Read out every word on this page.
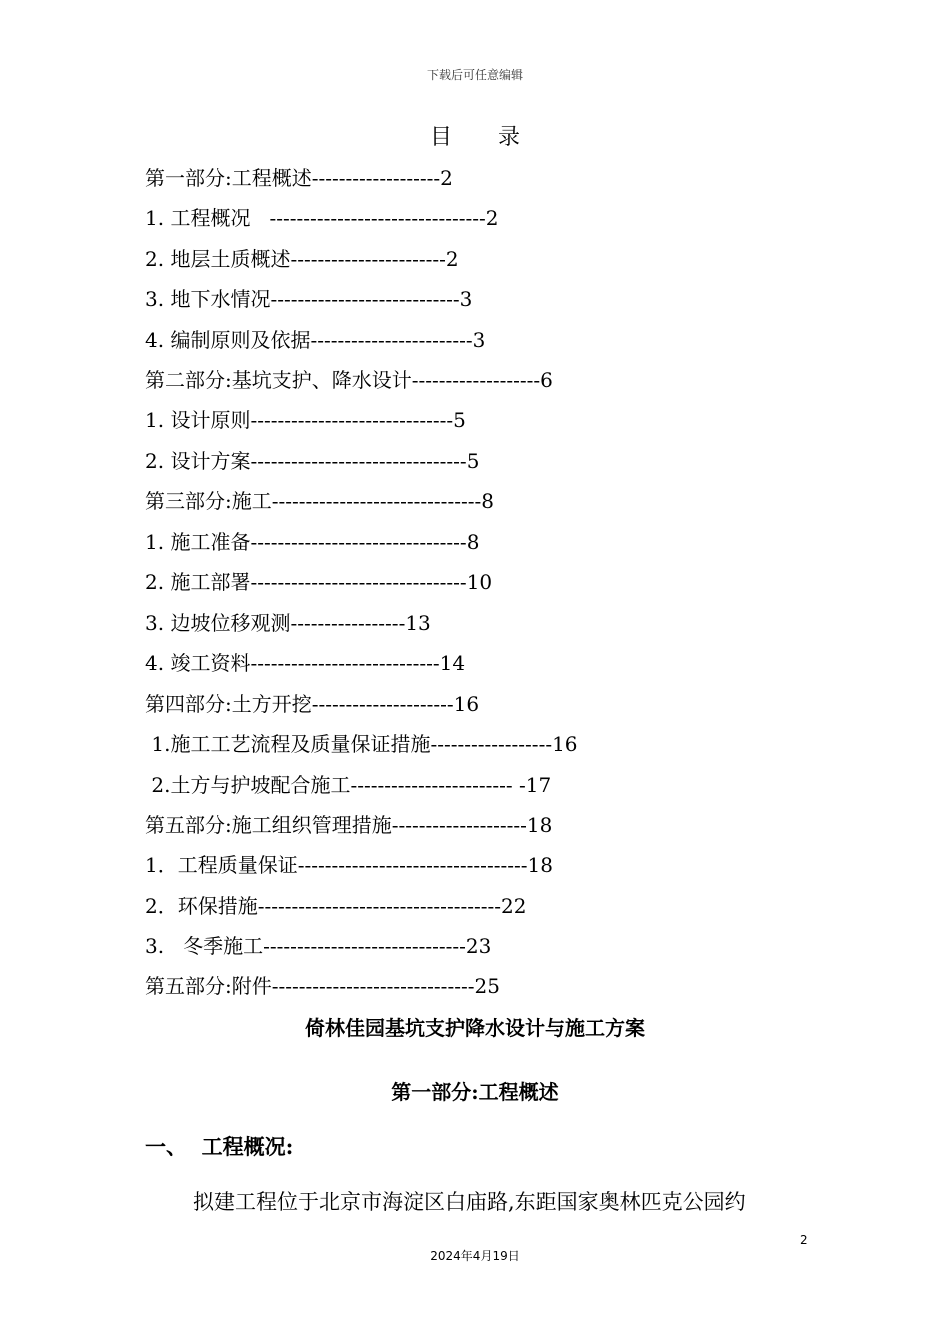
下载后可任意编辑
目录
第一部分:工程概述-------------------2
1. 工程概况   --------------------------------2
2. 地层土质概述-----------------------2
3. 地下水情况----------------------------3
4. 编制原则及依据------------------------3
第二部分:基坑支护、降水设计-------------------6
1. 设计原则------------------------------5
2. 设计方案--------------------------------5
第三部分:施工-------------------------------8
1. 施工准备--------------------------------8
2. 施工部署--------------------------------10
3. 边坡位移观测-----------------13
4. 竣工资料----------------------------14
第四部分:土方开挖---------------------16
1.施工工艺流程及质量保证措施------------------16
2.土方与护坡配合施工------------------------ -17
第五部分:施工组织管理措施--------------------18
1．工程质量保证----------------------------------18
2．环保措施------------------------------------22
3.   冬季施工------------------------------23
第五部分:附件------------------------------25
倚林佳园基坑支护降水设计与施工方案
第一部分:工程概述
一、  工程概况:
拟建工程位于北京市海淀区白庙路,东距国家奥林匹克公园约
2
2024年4月19日
